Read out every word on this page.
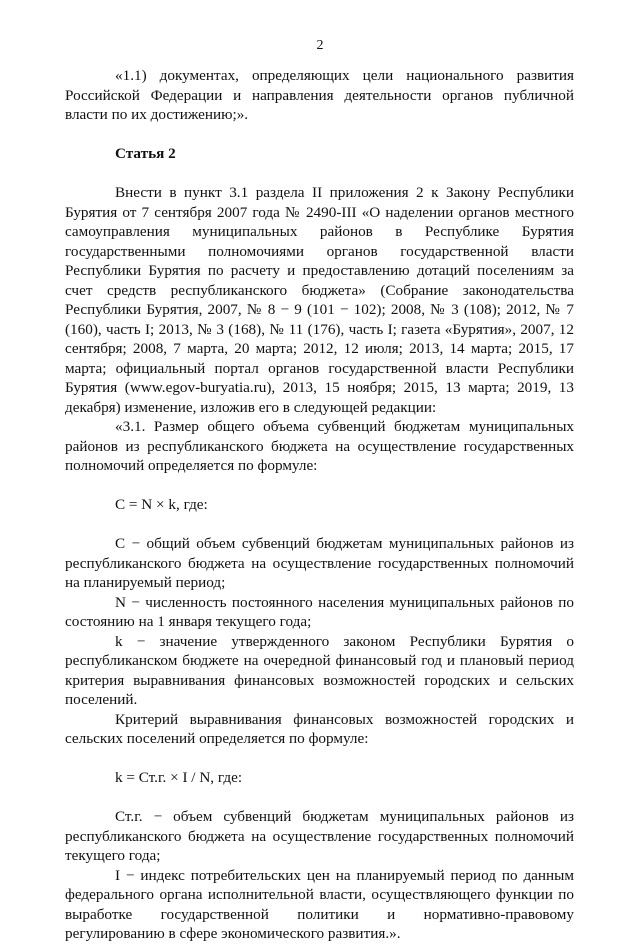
2

«1.1) документах, определяющих цели национального развития Российской Федерации и направления деятельности органов публичной власти по их достижению;».

Статья 2

Внести в пункт 3.1 раздела II приложения 2 к Закону Республики Бурятия от 7 сентября 2007 года № 2490-III «О наделении органов местного самоуправления муниципальных районов в Республике Бурятия государственными полномочиями органов государственной власти Республики Бурятия по расчету и предоставлению дотаций поселениям за счет средств республиканского бюджета» (Собрание законодательства Республики Бурятия, 2007, № 8 − 9 (101 − 102); 2008, № 3 (108); 2012, № 7 (160), часть I; 2013, № 3 (168), № 11 (176), часть I; газета «Бурятия», 2007, 12 сентября; 2008, 7 марта, 20 марта; 2012, 12 июля; 2013, 14 марта; 2015, 17 марта; официальный портал органов государственной власти Республики Бурятия (www.egov-buryatia.ru), 2013, 15 ноября; 2015, 13 марта; 2019, 13 декабря) изменение, изложив его в следующей редакции:

«3.1. Размер общего объема субвенций бюджетам муниципальных районов из республиканского бюджета на осуществление государственных полномочий определяется по формуле:

C = N × k, где:

C − общий объем субвенций бюджетам муниципальных районов из республиканского бюджета на осуществление государственных полномочий на планируемый период;

N − численность постоянного населения муниципальных районов по состоянию на 1 января текущего года;

k − значение утвержденного законом Республики Бурятия о республиканском бюджете на очередной финансовый год и плановый период критерия выравнивания финансовых возможностей городских и сельских поселений.

Критерий выравнивания финансовых возможностей городских и сельских поселений определяется по формуле:

k = Ст.г. × I / N, где:

Ст.г. − объем субвенций бюджетам муниципальных районов из республиканского бюджета на осуществление государственных полномочий текущего года;

I − индекс потребительских цен на планируемый период по данным федерального органа исполнительной власти, осуществляющего функции по выработке государственной политики и нормативно-правовому регулированию в сфере экономического развития.».
